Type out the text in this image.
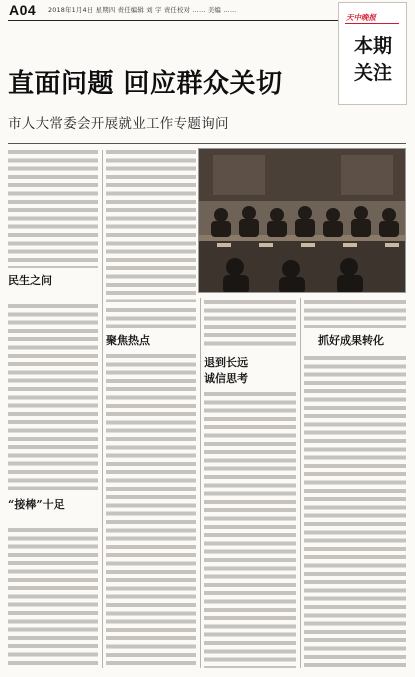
A04 2018年1月4日 星期四 责任编辑 刘 宇 责任校对 …… 美编 ……
天中晚报
本期关注
直面问题 回应群众关切
市人大常委会开展就业工作专题询问
民生之问
“接棒”十足
聚焦热点
退到长远
诚信思考
抓好成果转化
